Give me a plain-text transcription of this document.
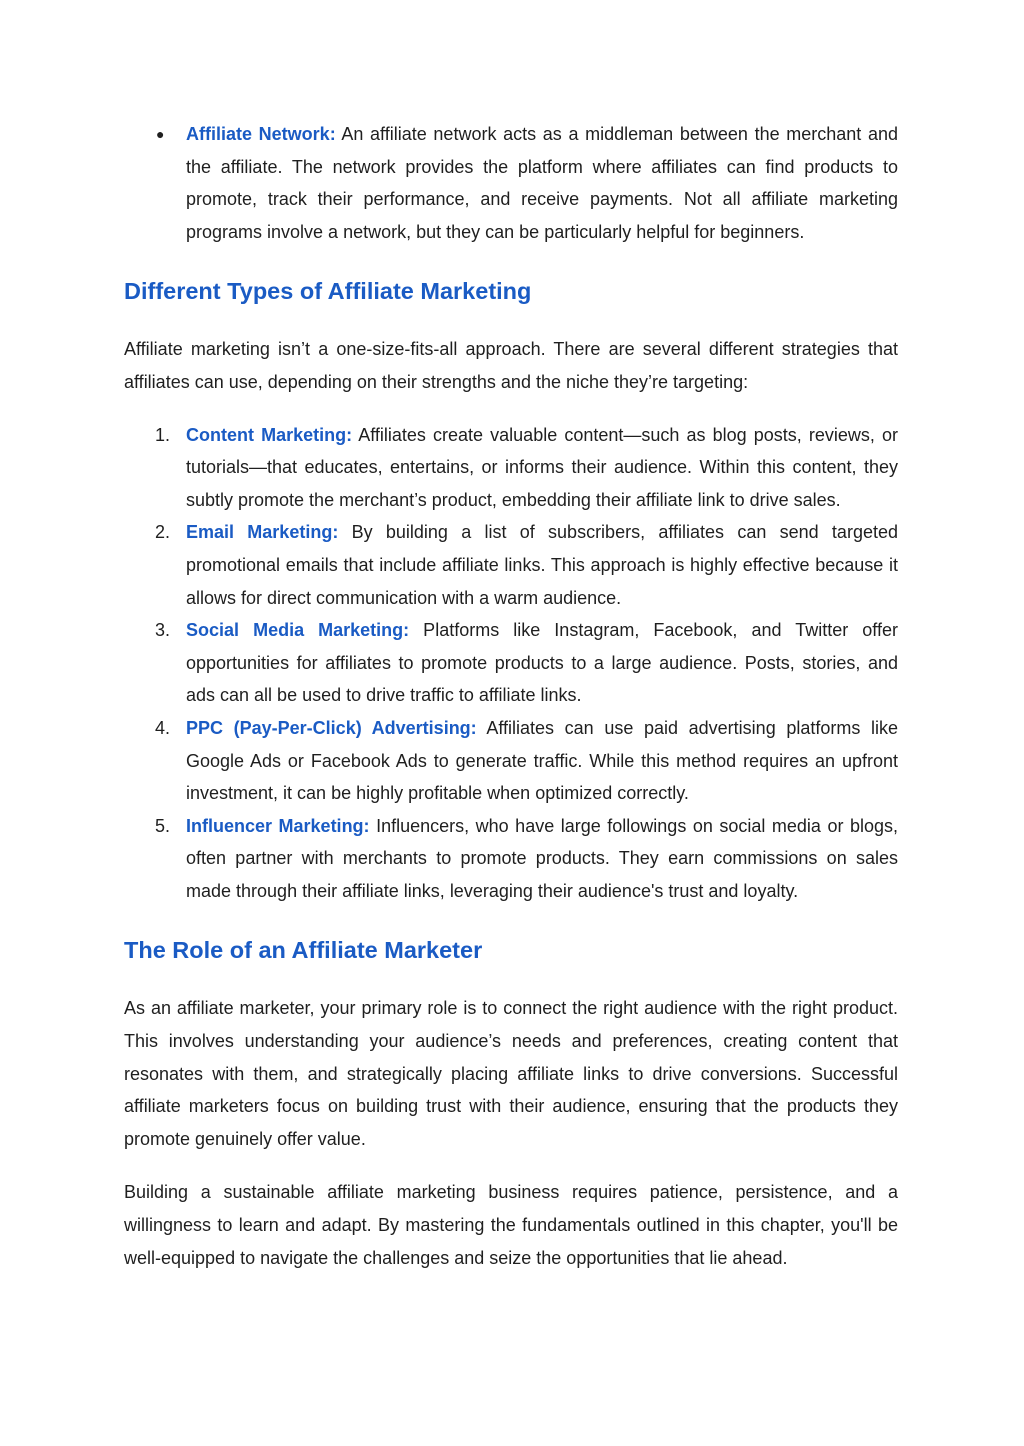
● Affiliate Network: An affiliate network acts as a middleman between the merchant and the affiliate. The network provides the platform where affiliates can find products to promote, track their performance, and receive payments. Not all affiliate marketing programs involve a network, but they can be particularly helpful for beginners.
Different Types of Affiliate Marketing

Affiliate marketing isn’t a one-size-fits-all approach. There are several different strategies that affiliates can use, depending on their strengths and the niche they’re targeting:

1. Content Marketing: Affiliates create valuable content—such as blog posts, reviews, or tutorials—that educates, entertains, or informs their audience. Within this content, they subtly promote the merchant’s product, embedding their affiliate link to drive sales.
2. Email Marketing: By building a list of subscribers, affiliates can send targeted promotional emails that include affiliate links. This approach is highly effective because it allows for direct communication with a warm audience.
3. Social Media Marketing: Platforms like Instagram, Facebook, and Twitter offer opportunities for affiliates to promote products to a large audience. Posts, stories, and ads can all be used to drive traffic to affiliate links.
4. PPC (Pay-Per-Click) Advertising: Affiliates can use paid advertising platforms like Google Ads or Facebook Ads to generate traffic. While this method requires an upfront investment, it can be highly profitable when optimized correctly.
5. Influencer Marketing: Influencers, who have large followings on social media or blogs, often partner with merchants to promote products. They earn commissions on sales made through their affiliate links, leveraging their audience's trust and loyalty.
The Role of an Affiliate Marketer

As an affiliate marketer, your primary role is to connect the right audience with the right product. This involves understanding your audience’s needs and preferences, creating content that resonates with them, and strategically placing affiliate links to drive conversions. Successful affiliate marketers focus on building trust with their audience, ensuring that the products they promote genuinely offer value.

Building a sustainable affiliate marketing business requires patience, persistence, and a willingness to learn and adapt. By mastering the fundamentals outlined in this chapter, you'll be well-equipped to navigate the challenges and seize the opportunities that lie ahead.
